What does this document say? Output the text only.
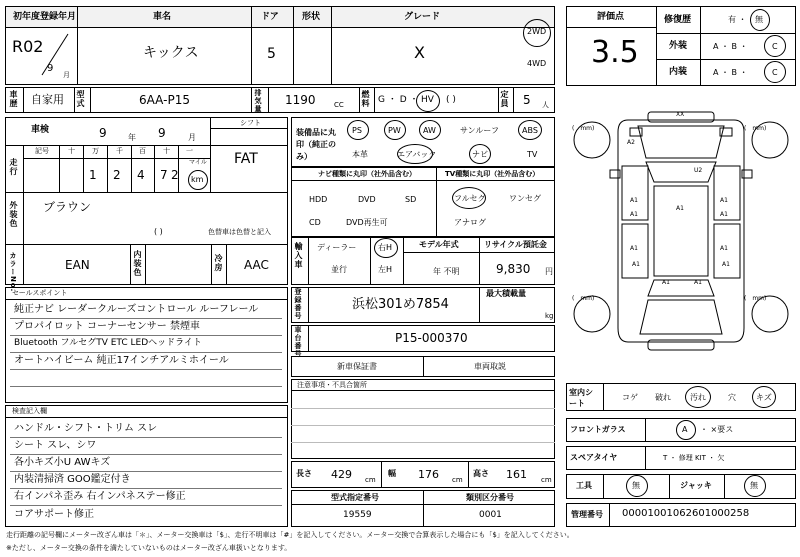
初年度登録年月	車名	ドア	形状	グレード
R02
9
月
キックス	5	X
2WD
4WD
車歴 自家用 型式	6AA-P15	排気量 1190	CC 燃料 G ・ D ・ HV ( )	定員 5 人
車検	9	年 9	月
シフト
FAT
走行
記号	十 万 千 百 十 一
1 2 4 7 2
マイル
km
外装色 ブラウン
( )	色替車は色替と記入
カラーNo.	EAN	内装色	冷房 AAC
セールスポイント
純正ナビ レーダークルーズコントロール ルーフレール
プロパイロット コーナーセンサー 禁煙車
Bluetooth フルセグTV ETC LEDヘッドライト
オートハイビーム 純正17インチアルミホイール
検査記入欄
ハンドル・シフト・トリム スレ
シート スレ、シワ
各小キズ小U AWキズ
内装清掃済 GOO鑑定付き
右インパネ歪み 右インパネステー修正
コアサポート修正
装備品に丸印（純正のみ）
PS	PW	AW	サンルーフ	ABS
本革	エアバック	ナビ	TV
ナビ種類に丸印（社外品含む）	TV種類に丸印（社外品含む）
HDD	DVD	SD
CD	DVD再生可
フルセグ	ワンセグ
アナログ
輸入車 ディーラー
並行
右H
左H
モデル年式
年 不明
リサイクル預託金
9,830 円
登録番号	浜松301め7854
最大積載量
kg
車台番号	P15-000370
新車保証書	車両取説
注意事項・不具合箇所
長さ 429 cm
幅 176 cm
高さ 161 cm
型式指定番号	類別区分番号
19559	0001
評価点
3.5
修復歴	有 ・ 無
外装	A ・ B ・	C
内装	A ・ B ・	C
(　mm)	(　mm)
(　mm)	(　mm)
XX
A2
U2
A1	A1
A1
A1	A1
A1	A1
A1	A1
A1	A1
室内シート
コゲ 破れ 汚れ	穴	キズ
フロントガラス	A ・ ×要ス
スペアタイヤ	T ・ 修理 KIT ・ 欠
工具	無	ジャッキ	無
管理番号 00001001062601000258
走行距離の記号欄にメーター改ざん車は「＊」、メーター交換車は「$」、走行不明車は「#」を記入してください。メーター交換で合算表示した場合にも「$」を記入してください。
※ただし、メーター交換の条件を満たしていないものはメーター改ざん車扱いとなります。
